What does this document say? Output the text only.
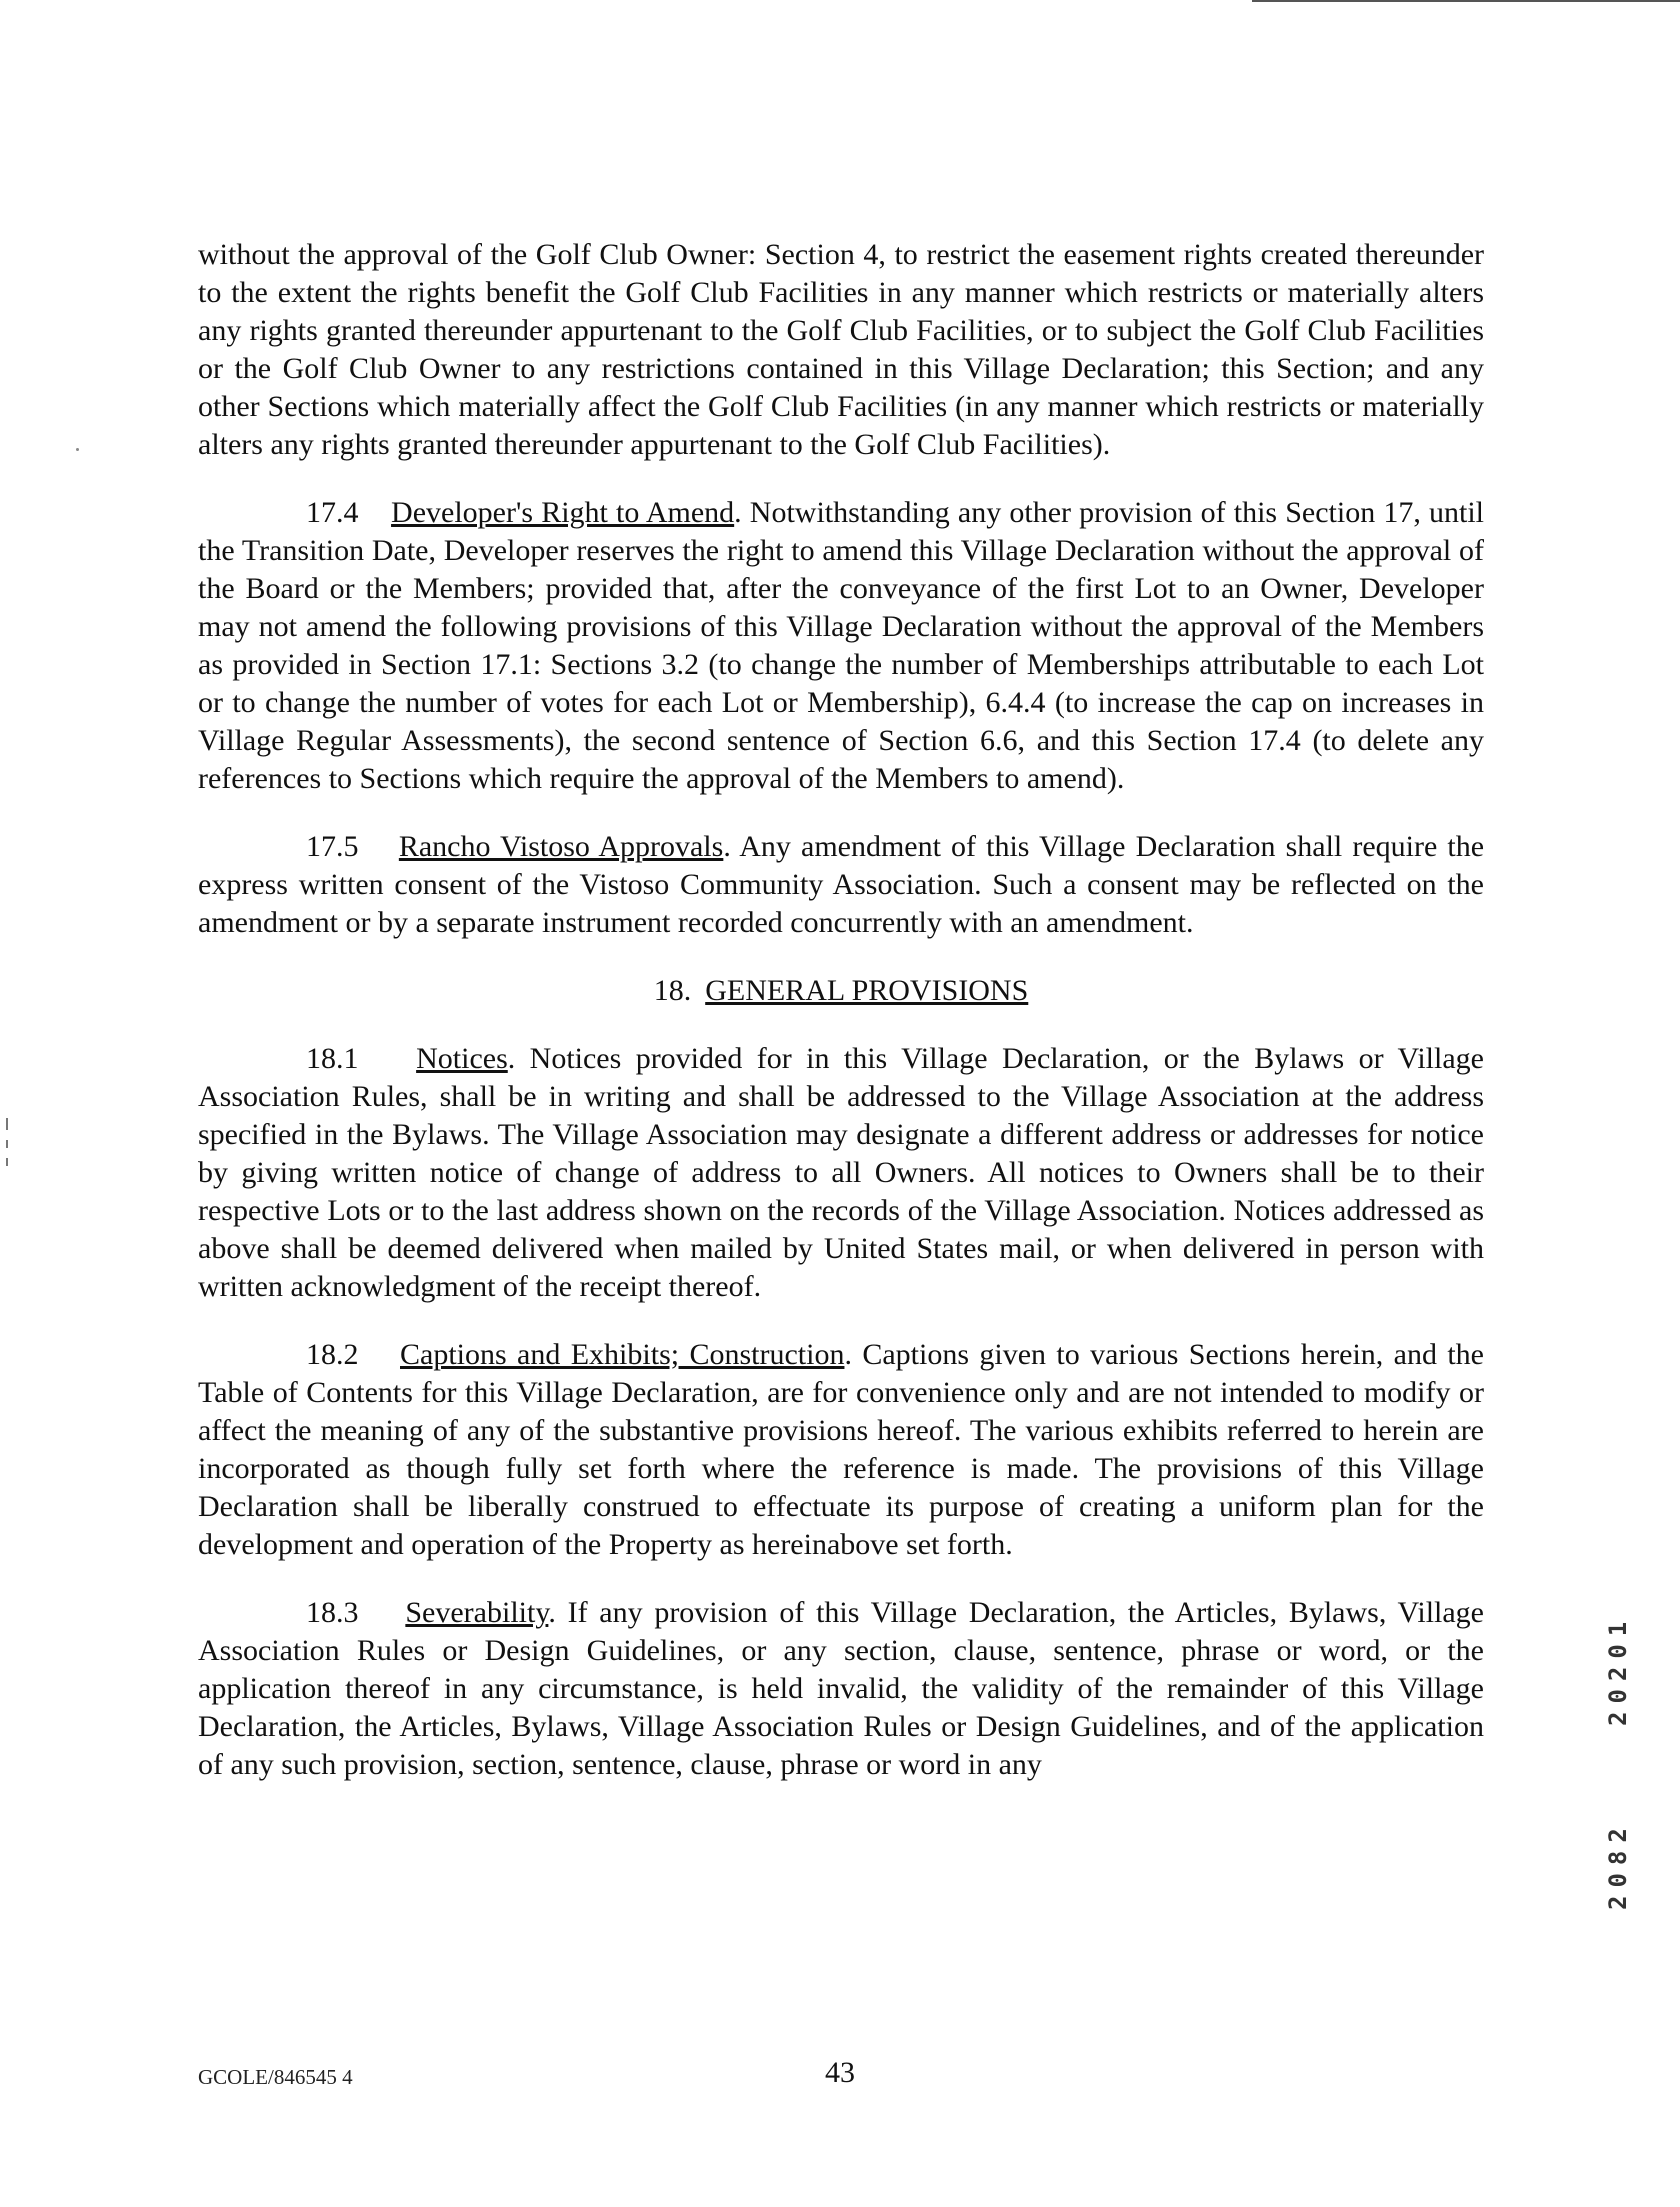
without the approval of the Golf Club Owner: Section 4, to restrict the easement rights created thereunder to the extent the rights benefit the Golf Club Facilities in any manner which restricts or materially alters any rights granted thereunder appurtenant to the Golf Club Facilities, or to subject the Golf Club Facilities or the Golf Club Owner to any restrictions contained in this Village Declaration; this Section; and any other Sections which materially affect the Golf Club Facilities (in any manner which restricts or materially alters any rights granted thereunder appurtenant to the Golf Club Facilities).

17.4 Developer's Right to Amend. Notwithstanding any other provision of this Section 17, until the Transition Date, Developer reserves the right to amend this Village Declaration without the approval of the Board or the Members; provided that, after the conveyance of the first Lot to an Owner, Developer may not amend the following provisions of this Village Declaration without the approval of the Members as provided in Section 17.1: Sections 3.2 (to change the number of Memberships attributable to each Lot or to change the number of votes for each Lot or Membership), 6.4.4 (to increase the cap on increases in Village Regular Assessments), the second sentence of Section 6.6, and this Section 17.4 (to delete any references to Sections which require the approval of the Members to amend).

17.5 Rancho Vistoso Approvals. Any amendment of this Village Declaration shall require the express written consent of the Vistoso Community Association. Such a consent may be reflected on the amendment or by a separate instrument recorded concurrently with an amendment.

18. GENERAL PROVISIONS

18.1 Notices. Notices provided for in this Village Declaration, or the Bylaws or Village Association Rules, shall be in writing and shall be addressed to the Village Association at the address specified in the Bylaws. The Village Association may designate a different address or addresses for notice by giving written notice of change of address to all Owners. All notices to Owners shall be to their respective Lots or to the last address shown on the records of the Village Association. Notices addressed as above shall be deemed delivered when mailed by United States mail, or when delivered in person with written acknowledgment of the receipt thereof.

18.2 Captions and Exhibits; Construction. Captions given to various Sections herein, and the Table of Contents for this Village Declaration, are for convenience only and are not intended to modify or affect the meaning of any of the substantive provisions hereof. The various exhibits referred to herein are incorporated as though fully set forth where the reference is made. The provisions of this Village Declaration shall be liberally construed to effectuate its purpose of creating a uniform plan for the development and operation of the Property as hereinabove set forth.

18.3 Severability. If any provision of this Village Declaration, the Articles, Bylaws, Village Association Rules or Design Guidelines, or any section, clause, sentence, phrase or word, or the application thereof in any circumstance, is held invalid, the validity of the remainder of this Village Declaration, the Articles, Bylaws, Village Association Rules or Design Guidelines, and of the application of any such provision, section, sentence, clause, phrase or word in any

20201
2082
GCOLE/846545 4	43
